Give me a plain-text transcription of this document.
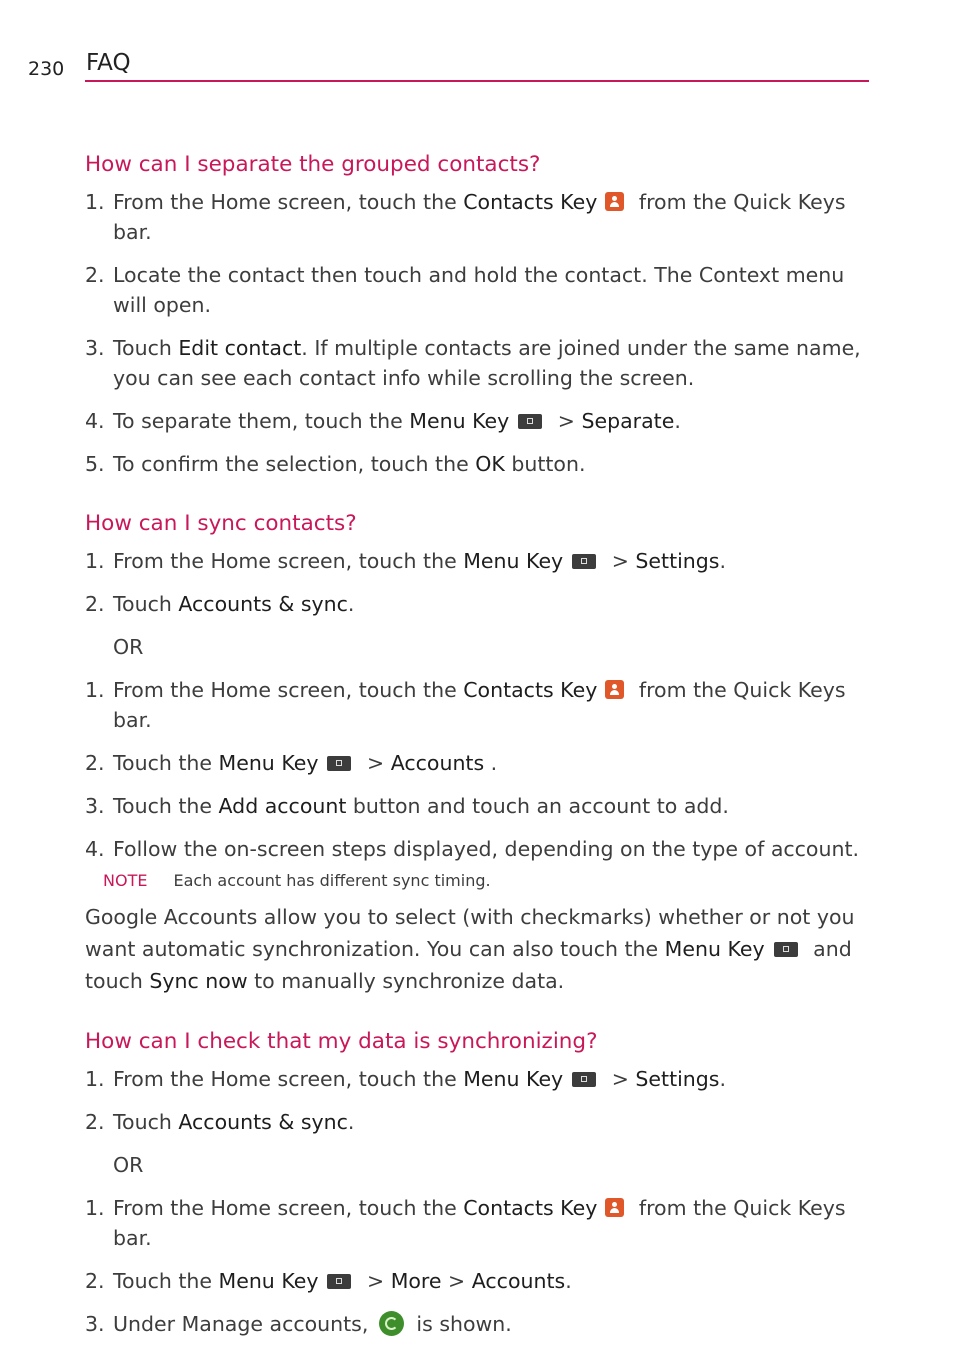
230 FAQ
How can I separate the grouped contacts?
1. From the Home screen, touch the Contacts Key from the Quick Keys bar.
2. Locate the contact then touch and hold the contact. The Context menu will open.
3. Touch Edit contact. If multiple contacts are joined under the same name, you can see each contact info while scrolling the screen.
4. To separate them, touch the Menu Key > Separate.
5. To confirm the selection, touch the OK button.
How can I sync contacts?
1. From the Home screen, touch the Menu Key > Settings.
2. Touch Accounts & sync.
OR
1. From the Home screen, touch the Contacts Key from the Quick Keys bar.
2. Touch the Menu Key > Accounts .
3. Touch the Add account button and touch an account to add.
4. Follow the on-screen steps displayed, depending on the type of account.
NOTE Each account has different sync timing.

Google Accounts allow you to select (with checkmarks) whether or not you want automatic synchronization. You can also touch the Menu Key and touch Sync now to manually synchronize data.

How can I check that my data is synchronizing?
1. From the Home screen, touch the Menu Key > Settings.
2. Touch Accounts & sync.
OR
1. From the Home screen, touch the Contacts Key from the Quick Keys bar.
2. Touch the Menu Key > More > Accounts.
3. Under Manage accounts,  is shown.
